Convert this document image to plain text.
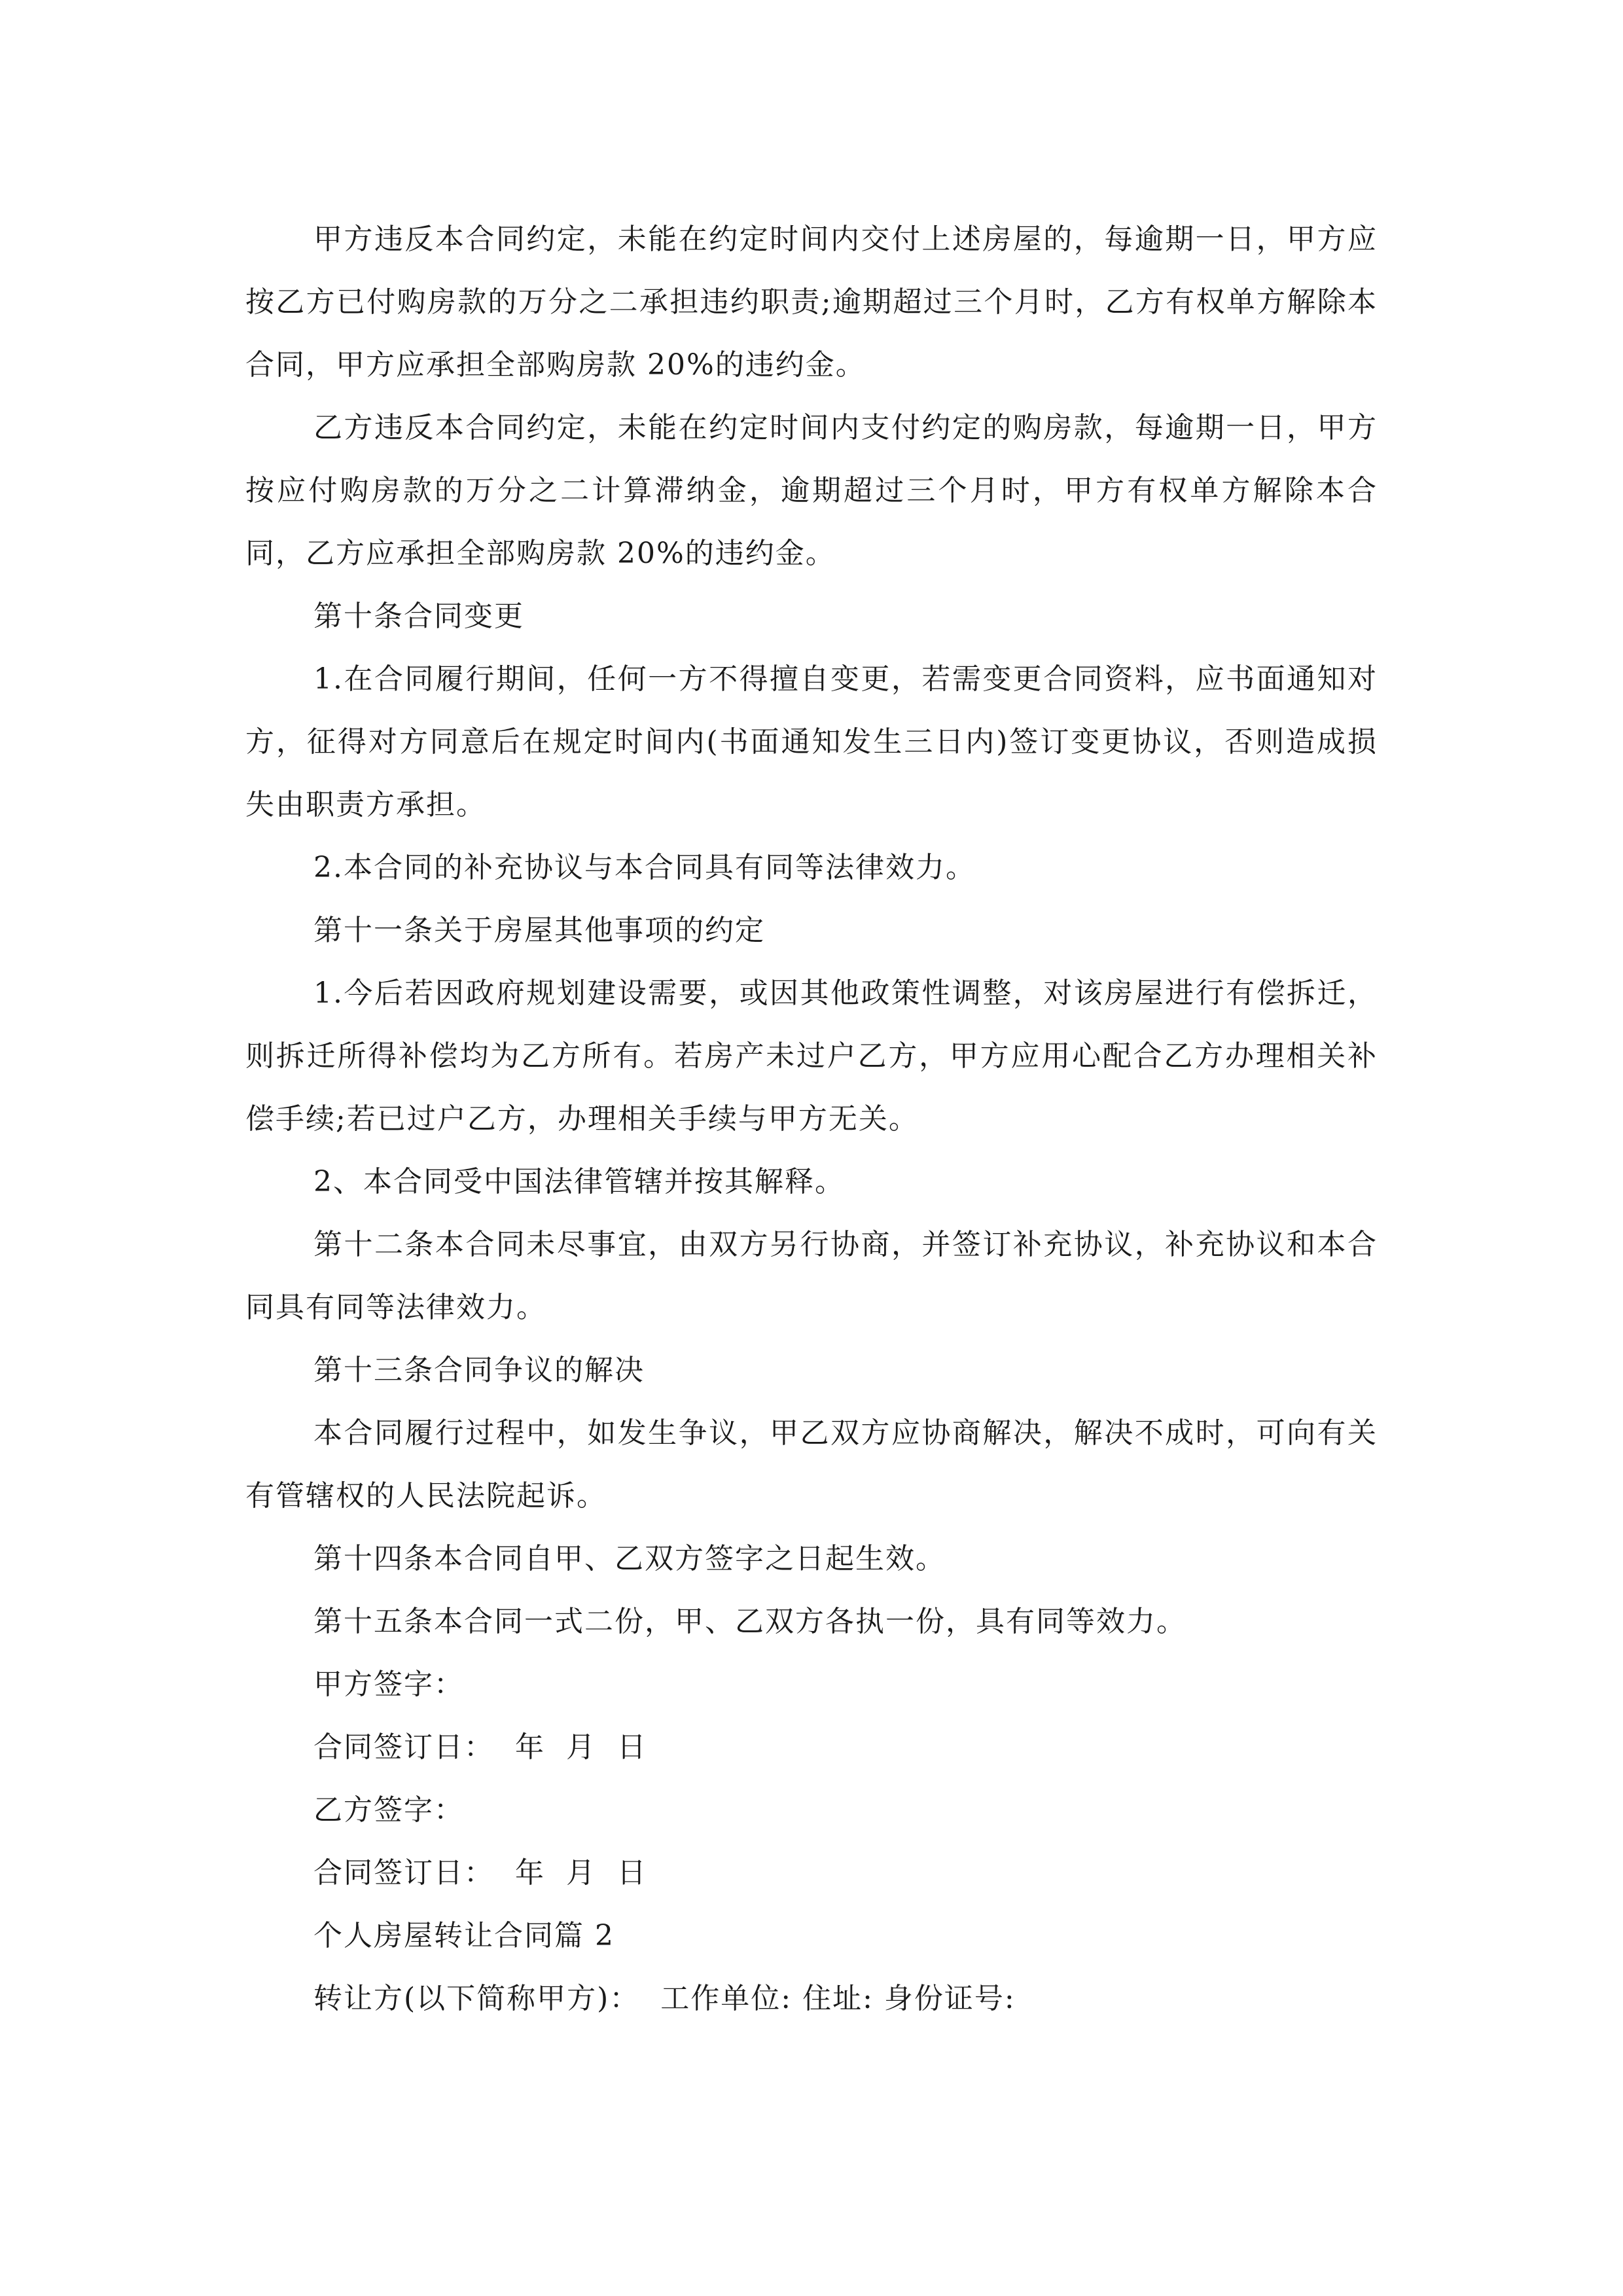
甲方违反本合同约定，未能在约定时间内交付上述房屋的，每逾期一日，甲方应按乙方已付购房款的万分之二承担违约职责;逾期超过三个月时，乙方有权单方解除本合同，甲方应承担全部购房款 20%的违约金。

乙方违反本合同约定，未能在约定时间内支付约定的购房款，每逾期一日，甲方按应付购房款的万分之二计算滞纳金，逾期超过三个月时，甲方有权单方解除本合同，乙方应承担全部购房款 20%的违约金。

第十条合同变更

1.在合同履行期间，任何一方不得擅自变更，若需变更合同资料，应书面通知对方，征得对方同意后在规定时间内(书面通知发生三日内)签订变更协议，否则造成损失由职责方承担。

2.本合同的补充协议与本合同具有同等法律效力。

第十一条关于房屋其他事项的约定

1.今后若因政府规划建设需要，或因其他政策性调整，对该房屋进行有偿拆迁，则拆迁所得补偿均为乙方所有。若房产未过户乙方，甲方应用心配合乙方办理相关补偿手续;若已过户乙方，办理相关手续与甲方无关。

2、本合同受中国法律管辖并按其解释。

第十二条本合同未尽事宜，由双方另行协商，并签订补充协议，补充协议和本合同具有同等法律效力。

第十三条合同争议的解决

本合同履行过程中，如发生争议，甲乙双方应协商解决，解决不成时，可向有关有管辖权的人民法院起诉。

第十四条本合同自甲、乙双方签字之日起生效。

第十五条本合同一式二份，甲、乙双方各执一份，具有同等效力。

甲方签字：

合同签订日：  年  月  日

乙方签字：

合同签订日：  年  月  日

个人房屋转让合同篇 2

转让方(以下简称甲方)：  工作单位: 住址: 身份证号:
